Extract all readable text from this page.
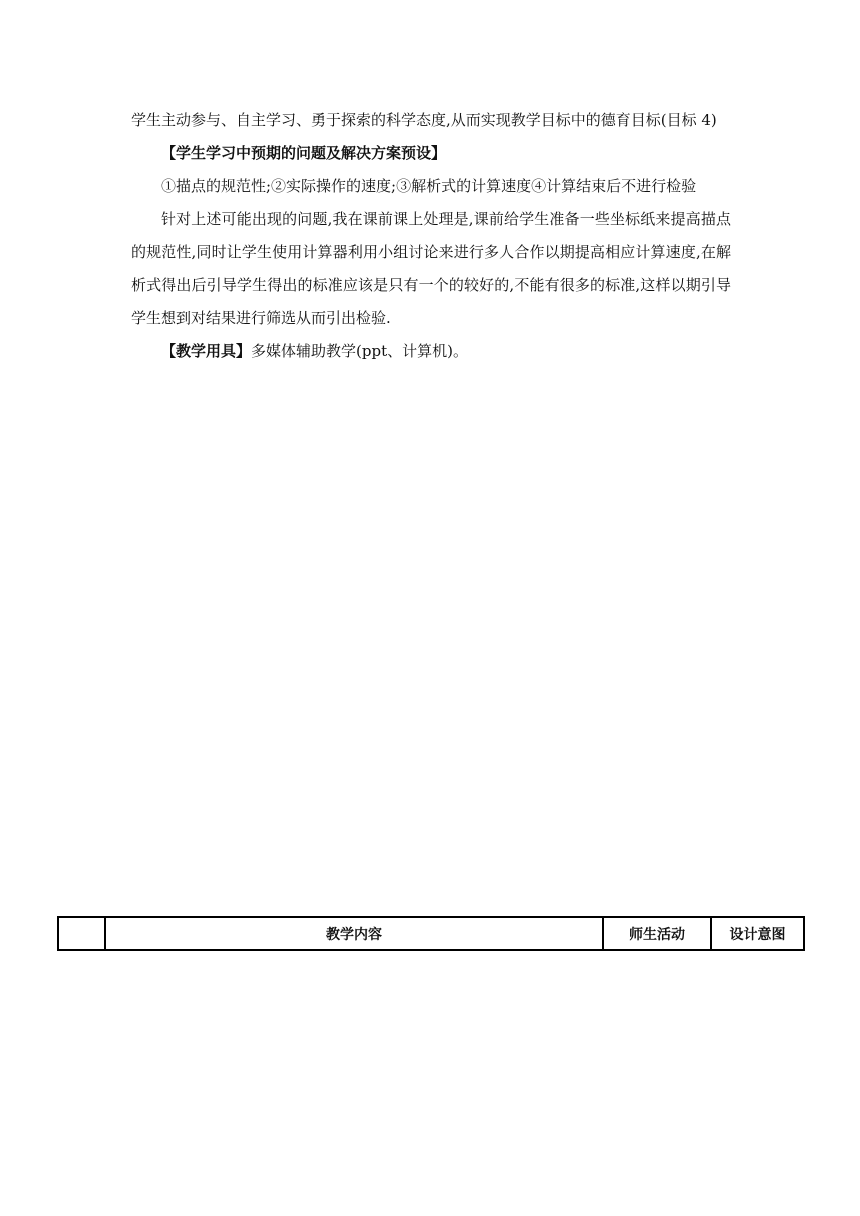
学生主动参与、自主学习、勇于探索的科学态度,从而实现教学目标中的德育目标(目标 4)
【学生学习中预期的问题及解决方案预设】
①描点的规范性;②实际操作的速度;③解析式的计算速度④计算结束后不进行检验
针对上述可能出现的问题,我在课前课上处理是,课前给学生准备一些坐标纸来提高描点
的规范性,同时让学生使用计算器利用小组讨论来进行多人合作以期提高相应计算速度,在解
析式得出后引导学生得出的标准应该是只有一个的较好的,不能有很多的标准,这样以期引导
学生想到对结果进行筛选从而引出检验.
【教学用具】多媒体辅助教学(ppt、计算机)。
	教学内容	师生活动	设计意图
